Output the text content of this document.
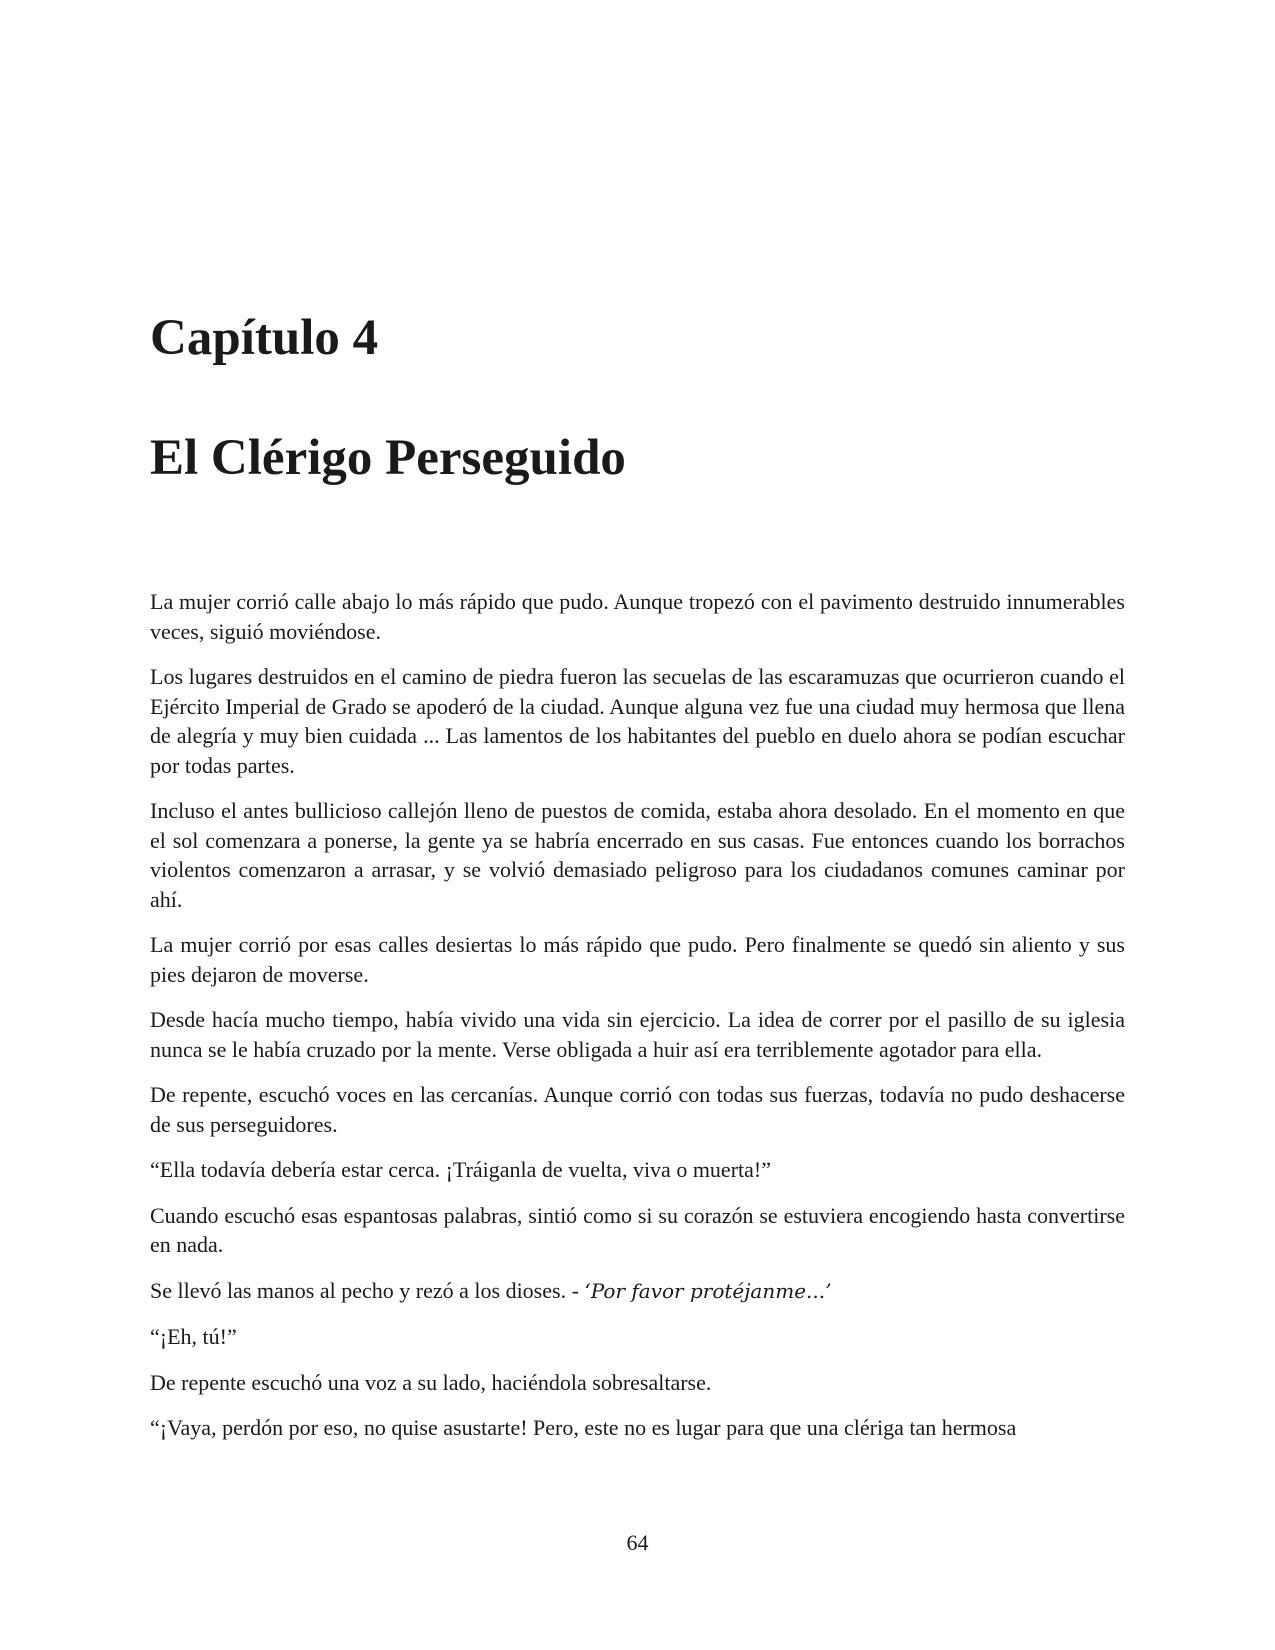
Capítulo 4
El Clérigo Perseguido

La mujer corrió calle abajo lo más rápido que pudo. Aunque tropezó con el pavimento destruido innumerables veces, siguió moviéndose.

Los lugares destruidos en el camino de piedra fueron las secuelas de las escaramuzas que ocurrieron cuando el Ejército Imperial de Grado se apoderó de la ciudad. Aunque alguna vez fue una ciudad muy hermosa que llena de alegría y muy bien cuidada ... Las lamentos de los habitantes del pueblo en duelo ahora se podían escuchar por todas partes.

Incluso el antes bullicioso callejón lleno de puestos de comida, estaba ahora desolado. En el momento en que el sol comenzara a ponerse, la gente ya se habría encerrado en sus casas. Fue entonces cuando los borrachos violentos comenzaron a arrasar, y se volvió demasiado peligroso para los ciudadanos comunes caminar por ahí.

La mujer corrió por esas calles desiertas lo más rápido que pudo. Pero finalmente se quedó sin aliento y sus pies dejaron de moverse.

Desde hacía mucho tiempo, había vivido una vida sin ejercicio. La idea de correr por el pasillo de su iglesia nunca se le había cruzado por la mente. Verse obligada a huir así era terriblemente agotador para ella.

De repente, escuchó voces en las cercanías. Aunque corrió con todas sus fuerzas, todavía no pudo deshacerse de sus perseguidores.

“Ella todavía debería estar cerca. ¡Tráiganla de vuelta, viva o muerta!”

Cuando escuchó esas espantosas palabras, sintió como si su corazón se estuviera encogiendo hasta convertirse en nada.

Se llevó las manos al pecho y rezó a los dioses. - ‘Por favor protéjanme...’

“¡Eh, tú!”

De repente escuchó una voz a su lado, haciéndola sobresaltarse.

“¡Vaya, perdón por eso, no quise asustarte! Pero, este no es lugar para que una clériga tan hermosa

64
